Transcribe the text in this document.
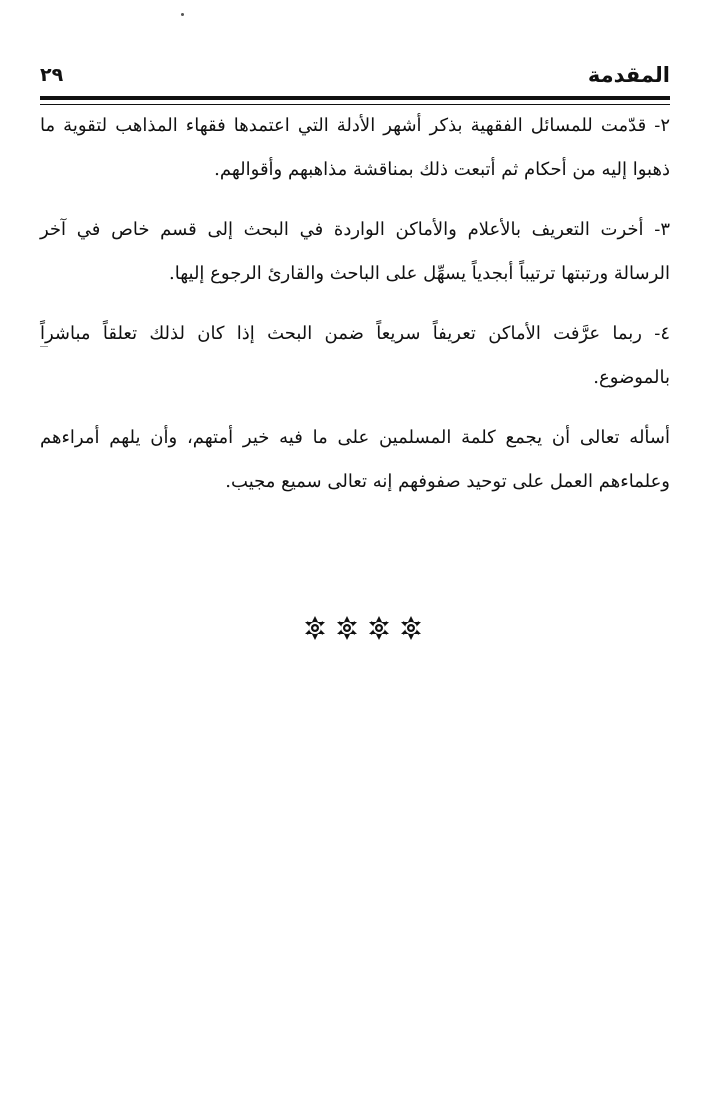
المقدمة
٢٩

٢- قدّمت للمسائل الفقهية بذكر أشهر الأدلة التي اعتمدها فقهاء المذاهب لتقوية ما ذهبوا إليه من أحكام ثم أتبعت ذلك بمناقشة مذاهبهم وأقوالهم.

٣- أخرت التعريف بالأعلام والأماكن الواردة في البحث إلى قسم خاص في آخر الرسالة ورتبتها ترتيباً أبجدياً يسهِّل على الباحث والقارئ الرجوع إليها.

٤- ربما عرَّفت الأماكن تعريفاً سريعاً ضمن البحث إذا كان لذلك تعلقاً مباشراً بالموضوع.

أسأله تعالى أن يجمع كلمة المسلمين على ما فيه خير أمتهم، وأن يلهم أمراءهم وعلماءهم العمل على توحيد صفوفهم إنه تعالى سميع مجيب.
